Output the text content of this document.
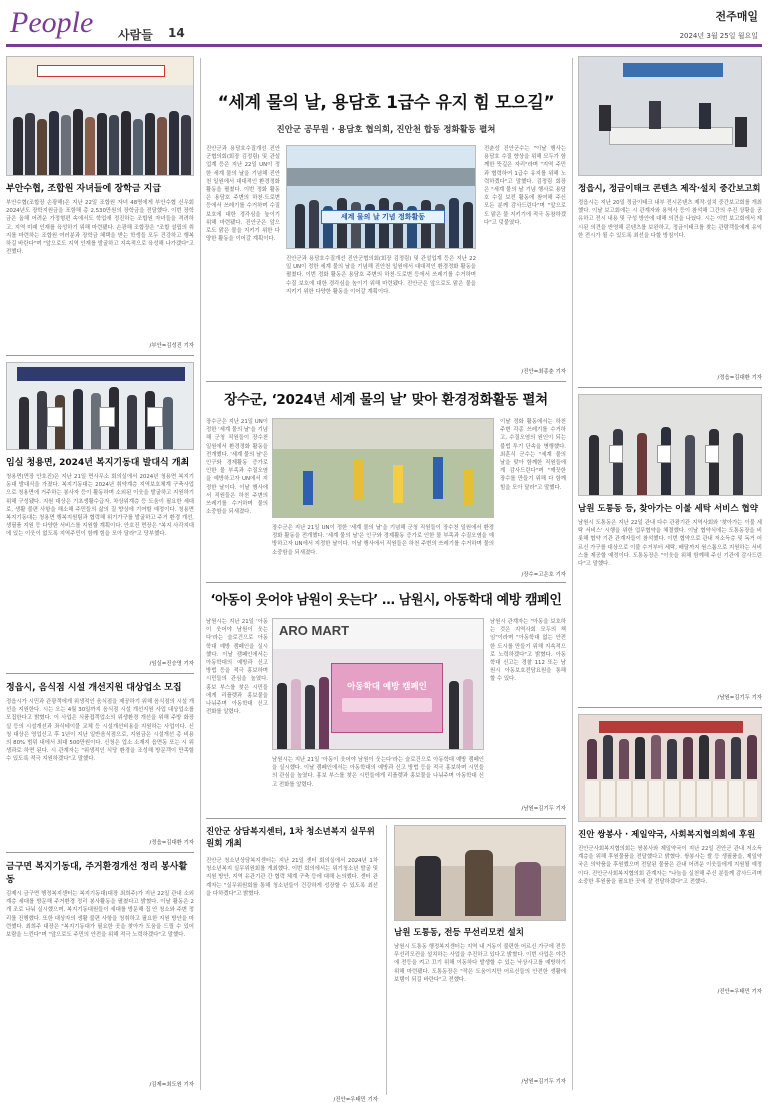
People 사람들 14
전주매일
2024년 3월 25일 월요일
부안수협, 조합원 자녀들에 장학금 지급
부안수협(조합장 손광해)은 지난 22일 조합원 자녀 48명에게 부안수협 신우회 2024년도 장학지원금을 포함해 총 2,530만원의 장학금을 전달했다. 이번 장학금은 올해 어려운 가정형편 속에서도 학업에 정진하는 조합원 자녀들을 격려하고, 지역 미래 인재를 육성하기 위해 마련됐다. 손광해 조합장은 "조합 설립의 취지를 마련하는 조합원 여러분과 장학금 혜택을 받는 학생들 모두 건강하고 행복하길 바란다"며 "앞으로도 지역 인재를 발굴하고 지속적으로 육성해 나가겠다"고 전했다.
/부안=김성진 기자
임실 청용면, 2024년 복지기동대 발대식 개최
청용면(면장 안호진)은 지난 21일 면사무소 회의실에서 2024년 청용면 복지기동대 발대식을 가졌다. 복지기동대는 2024년 취약계층 지역보호체계 구축사업으로 청용면에 거주하는 봉사자 등이 활동하며 소외된 이웃을 발굴하고 지원하기 위해 구성됐다. 지원 대상은 기초생활수급자, 차상위계층 등 도움이 필요한 세대로, 생활 불편 사항을 해소해 주민들의 삶의 질 향상에 기여할 예정이다. 청용면 복지기동대는 청용면 행복지원팀과 협력해 위기가구를 발굴하고 주거 환경 개선, 생필품 지원 등 다양한 서비스를 지원할 계획이다. 안호진 면장은 "복지 사각지대에 있는 이웃이 없도록 지역주민이 함께 힘을 모아 달라"고 당부했다.
/임실=진승영 기자
정읍시, 음식점 시설 개선지원 대상업소 모집
정읍시가 시민과 관광객에게 위생적인 음식점을 제공하기 위해 음식점의 시설 개선을 지원한다. 시는 오는 4월 30일까지 음식점 시설 개선지원 사업 대상업소를 모집한다고 밝혔다. 이 사업은 식품접객업소의 위생환경 개선을 위해 주방 화장실 등의 시설개선과 좌식테이블 교체 등 시설개선비용을 지원하는 사업이다. 신청 대상은 영업신고 후 1년이 지난 일반음식점으로, 지원금은 시설개선 총 비용의 80% 범위 내에서 최대 500만원이다. 신청은 업소 소재지 읍면동 또는 시 위생과로 하면 된다. 시 관계자는 "위생적인 식당 환경을 조성해 방문객이 만족할 수 있도록 적극 지원하겠다"고 말했다.
/정읍=김대환 기자
금구면 복지기동대, 주거환경개선 정리 봉사활동
김제시 금구면 행정복지센터는 복지기동대(대장 최희주)가 지난 22일 관내 소외계층 세대를 방문해 주거환경 정리 봉사활동을 펼쳤다고 밝혔다. 이날 활동은 2개 조로 나눠 실시했으며, 복지기동대원들이 세대를 방문해 집 안 청소와 주변 정리를 진행했다. 또한 대상자의 생활 불편 사항을 청취하고 필요한 지원 방안을 마련했다. 최희주 대장은 "복지기동대가 필요한 곳을 찾아가 도움을 드릴 수 있어 보람을 느낀다"며 "앞으로도 주민의 안전을 위해 적극 노력하겠다"고 말했다.
/김제=최도원 기자
“세계 물의 날, 용담호 1급수 유지 힘 모으길”
진안군 공무원 · 용담호 협의회, 진안천 합동 정화활동 펼쳐
진안군과 용담호수질개선 진안군협의회(회장 김정림) 및 관설업계 등은 지난 22일 UN이 정한 세계 물의 날을 기념해 진안천 일원에서 대대적인 환경정화 활동을 펼쳤다. 이번 정화 활동은 용담호 주변의 하천·도로변 등에서 쓰레기를 수거하며 수질 보호에 대한 경각심을 높이기 위해 마련됐다. 진안군은 앞으로도 맑은 물을 지키기 위한 다양한 활동을 이어갈 계획이다.
세계 물의 날 기념 정화활동
진안군과 용담호수질개선 진안군협의회(회장 김정림) 및 관설업계 등은 지난 22일 UN이 정한 세계 물의 날을 기념해 진안천 일원에서 대대적인 환경정화 활동을 펼쳤다. 이번 정화 활동은 용담호 주변의 하천·도로변 등에서 쓰레기를 수거하며 수질 보호에 대한 경각심을 높이기 위해 마련됐다. 진안군은 앞으로도 맑은 물을 지키기 위한 다양한 활동을 이어갈 계획이다.
전춘성 진안군수는 "이날 행사는 용담호 수질 향상을 위해 모두가 함께한 뜻깊은 자리"라며 "지역 주민과 협력하여 1급수 유지를 위해 노력하겠다"고 말했다. 김정림 회장은 "세계 물의 날 기념 행사로 용담호 수질 보전 활동에 참여해 주신 모든 분께 감사드린다"며 "앞으로도 맑은 물 지키기에 적극 동참하겠다"고 덧붙였다.
/진안=최종춘 기자
장수군, ‘2024년 세계 물의 날’ 맞아 환경정화활동 펼쳐
장수군은 지난 21일 UN이 정한 '세계 물의 날'을 기념해 군청 직원들이 장수천 일원에서 환경정화 활동을 전개했다. '세계 물의 날'은 인구와 경제활동 증가로 인한 물 부족과 수질오염을 예방하고자 UN에서 지정한 날이다. 이날 행사에서 직원들은 하천 주변의 쓰레기를 수거하며 물의 소중함을 되새겼다.
장수군은 지난 21일 UN이 정한 '세계 물의 날'을 기념해 군청 직원들이 장수천 일원에서 환경정화 활동을 전개했다. '세계 물의 날'은 인구와 경제활동 증가로 인한 물 부족과 수질오염을 예방하고자 UN에서 지정한 날이다. 이날 행사에서 직원들은 하천 주변의 쓰레기를 수거하며 물의 소중함을 되새겼다.
이날 정화 활동에서는 하천 주변 각종 쓰레기를 수거하고, 수질오염의 원인이 되는 불법 투기 단속을 병행했다. 최훈식 군수는 "세계 물의 날을 맞아 함께한 직원들에게 감사드린다"며 "깨끗한 장수를 만들기 위해 다 함께 힘을 모아 달라"고 말했다.
/장수=고은호 기자
‘아동이 웃어야 남원이 웃는다’ … 남원시, 아동학대 예방 캠페인
남원시는 지난 21일 '아동이 웃어야 남원이 웃는다'라는 슬로건으로 아동학대 예방 캠페인을 실시했다. 이날 캠페인에서는 아동학대의 예방과 신고 방법 등을 적극 홍보하며 시민들의 관심을 높였다. 홍보 부스를 찾은 시민들에게 리플렛과 홍보물을 나눠주며 아동학대 신고 전화를 알렸다.
ARO MART
아동학대 예방 캠페인
남원시는 지난 21일 '아동이 웃어야 남원이 웃는다'라는 슬로건으로 아동학대 예방 캠페인을 실시했다. 이날 캠페인에서는 아동학대의 예방과 신고 방법 등을 적극 홍보하며 시민들의 관심을 높였다. 홍보 부스를 찾은 시민들에게 리플렛과 홍보물을 나눠주며 아동학대 신고 전화를 알렸다.
남원시 관계자는 "아동을 보호하는 것은 지역사회 모두의 책임"이라며 "아동학대 없는 안전한 도시를 만들기 위해 지속적으로 노력하겠다"고 밝혔다. 아동학대 신고는 경찰 112 또는 남원시 아동보호전담요원을 통해 할 수 있다.
/남원=김기두 기자
진안군 상담복지센터, 1차 청소년복지 실무위원회 개최
진안군 청소년상담복지센터는 지난 21일 센터 회의실에서 2024년 1차 청소년복지 실무위원회를 개최했다. 이번 회의에서는 위기청소년 발굴 및 지원 방안, 지역 유관기관 간 협력 체계 구축 등에 대해 논의했다. 센터 관계자는 "실무위원회를 통해 청소년들이 건강하게 성장할 수 있도록 최선을 다하겠다"고 밝혔다.
/진안=우태민 기자
남원 도통동, 전등 무선리모컨 설치
남원시 도통동 행정복지센터는 지역 내 거동이 불편한 어르신 가구에 전등 무선리모컨을 설치하는 사업을 추진하고 있다고 밝혔다. 이번 사업은 야간에 전등을 켜고 끄기 위해 이동하다 발생할 수 있는 낙상사고를 예방하기 위해 마련됐다. 도통동장은 "작은 도움이지만 어르신들의 안전한 생활에 보탬이 되길 바란다"고 전했다.
/남원=김기두 기자
정읍시, 정금이태크 콘텐츠 제작·설치 중간보고회
정읍시는 지난 20일 정금이태크 내부 전시콘텐츠 제작·설치 중간보고회를 개최했다. 이날 보고회에는 시 관계자와 용역사 등이 참석해 그간의 추진 상황을 공유하고 전시 내용 및 구성 방안에 대해 의견을 나눴다. 시는 이번 보고회에서 제시된 의견을 반영해 콘텐츠를 보완하고, 정금이태크를 찾는 관람객들에게 유익한 전시가 될 수 있도록 최선을 다할 방침이다.
/정읍=김대환 기자
남원 도통동 등, 찾아가는 이불 세탁 서비스 협약
남원시 도통동은 지난 22일 관내 다수 관광기관 지역사회와 '찾아가는 이불 세탁 서비스' 시행을 위한 업무협약을 체결했다. 이날 협약식에는 도통동장을 비롯해 협약 기관 관계자들이 참석했다. 이번 협약으로 관내 저소득층 및 독거 어르신 가구를 대상으로 이불 수거부터 세탁, 배달까지 원스톱으로 지원하는 서비스를 제공할 예정이다. 도통동장은 "이웃을 위해 함께해 주신 기관에 감사드린다"고 말했다.
/남원=김기두 기자
진안 쌍봉사 · 제일약국, 사회복지협의회에 후원
진안군사회복지협의회는 쌍봉사와 제일약국이 지난 22일 진안군 관내 저소득 계층을 위해 후원물품을 전달했다고 밝혔다. 쌍봉사는 쌀 등 생필품을, 제일약국은 의약품을 후원했으며 전달된 물품은 관내 어려운 이웃들에게 지원될 예정이다. 진안군사회복지협의회 관계자는 "나눔을 실천해 주신 분들께 감사드리며 소중한 후원품을 필요한 곳에 잘 전달하겠다"고 전했다.
/진안=우태민 기자
